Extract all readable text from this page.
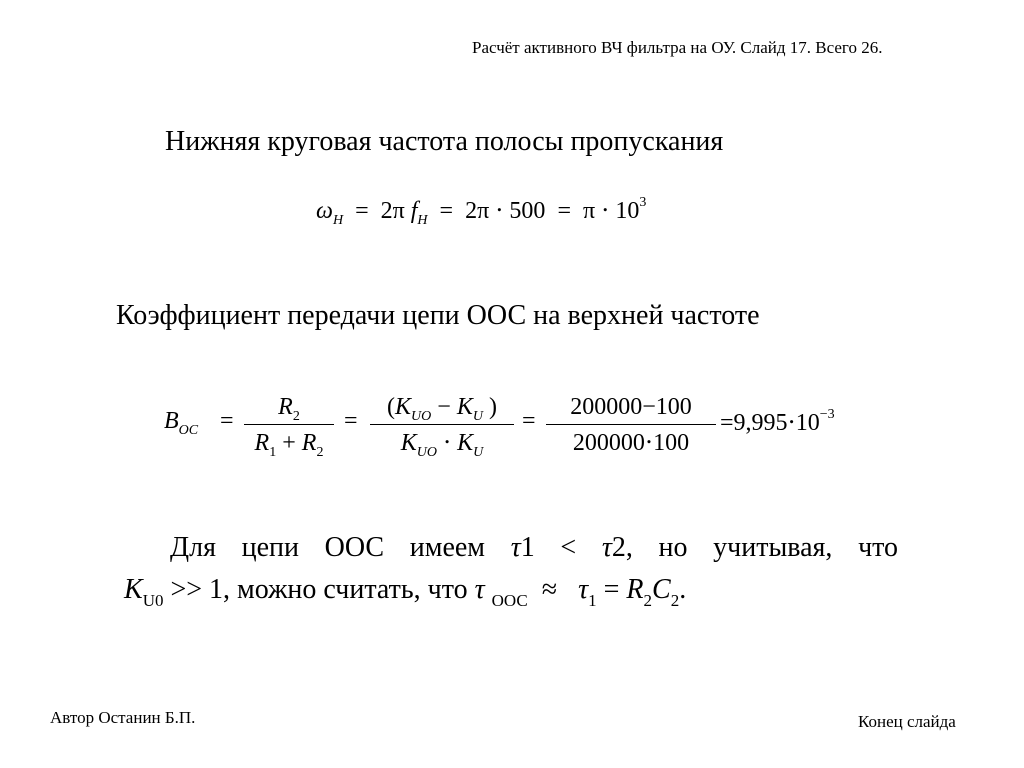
Расчёт активного ВЧ фильтра на ОУ. Слайд 17. Всего 26.
Нижняя круговая частота полосы пропускания
$\omega_H = 2\pi$ $f_H = 2\pi \cdot 500 = \pi \cdot 10^3$
Коэффициент передачи цепи ООС на верхней частоте
$B_{OC}$ =
$R_2$
$R_1 + R_2$
=
($K_{UO} - K_U$ )
$K_{UO} \cdot K_U$
=
200000−100
200000⋅100
$=9,995\cdot 10^{-3}$
Для цепи ООС имеем τ1 < τ2, но учитывая, что
$K_{U0} >> 1$, можно считать, что τ $_{ООС} \approx \tau_1 = R_2C_2$.
Автор Останин Б.П.	Конец слайда
